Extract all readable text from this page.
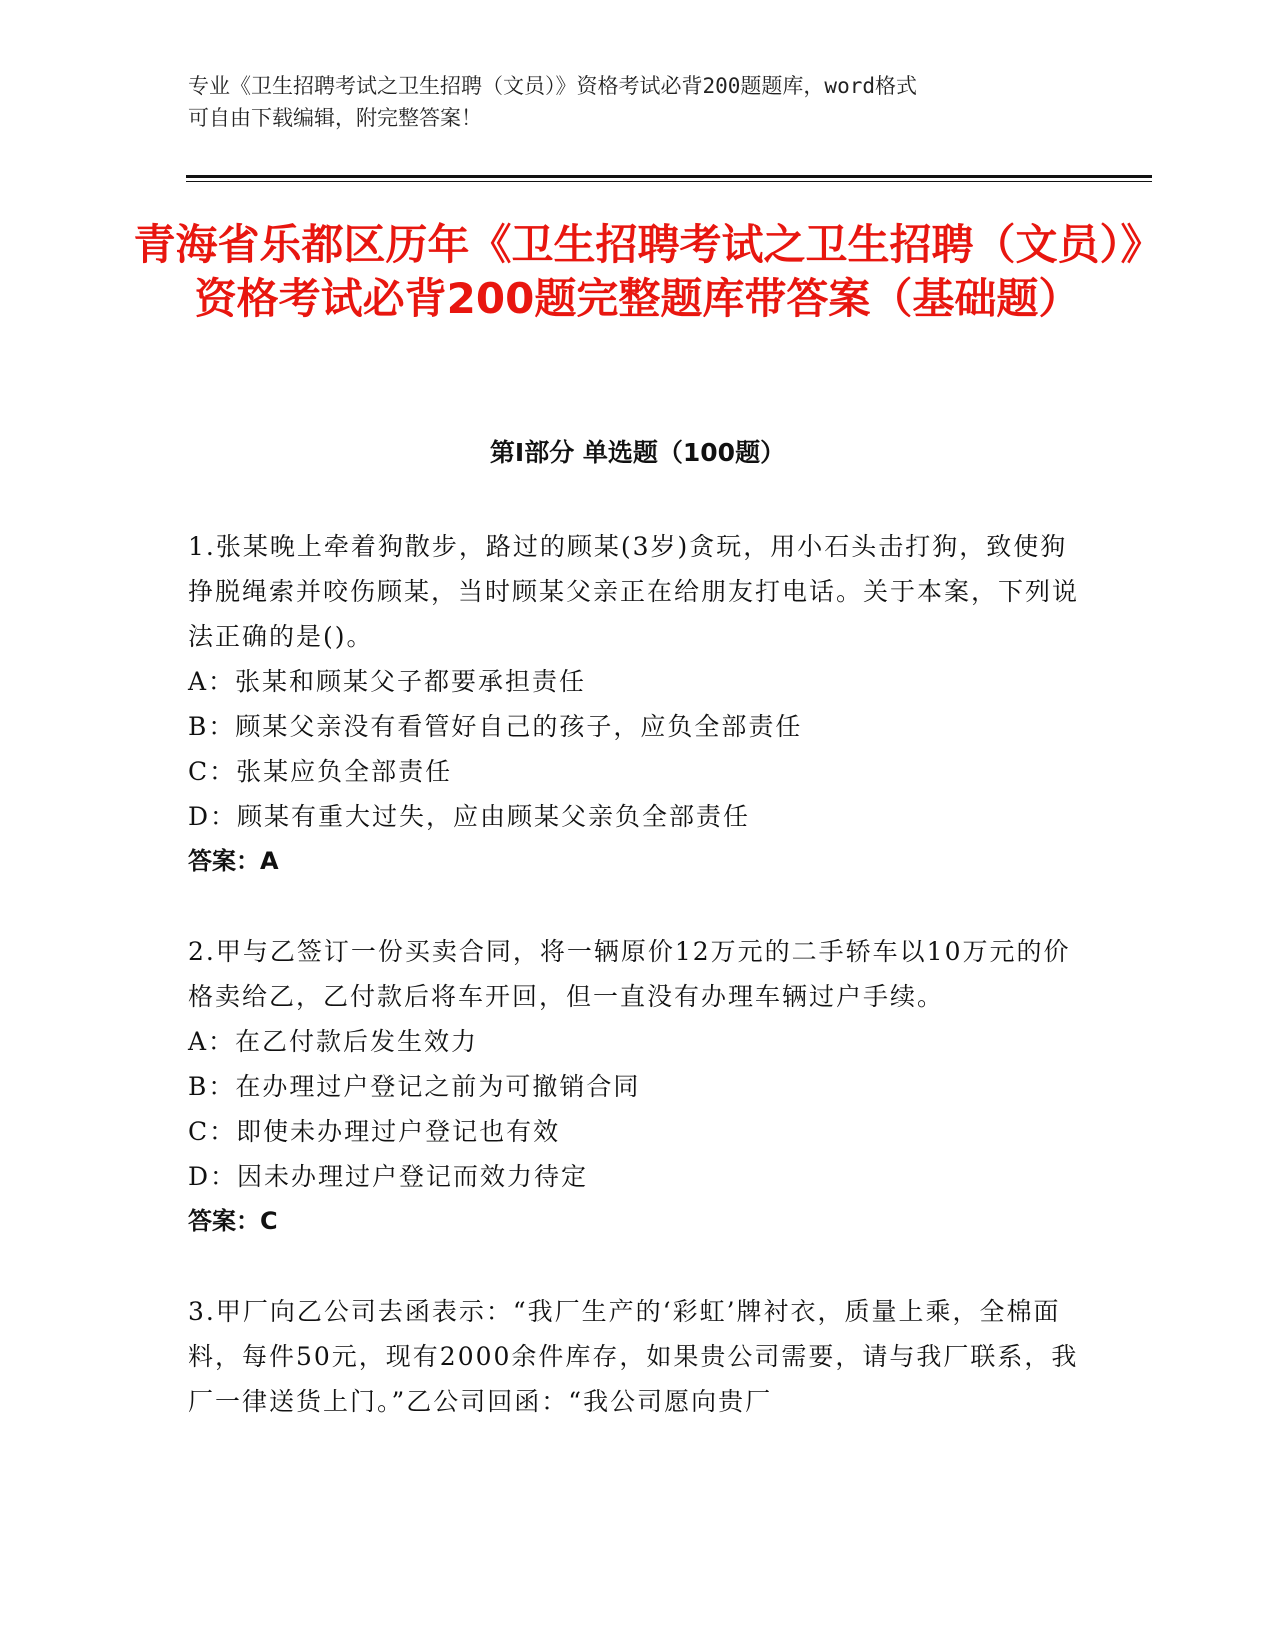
专业《卫生招聘考试之卫生招聘（文员）》资格考试必背200题题库，word格式
可自由下载编辑，附完整答案！
青海省乐都区历年《卫生招聘考试之卫生招聘（文员）》资格考试必背200题完整题库带答案（基础题）
第Ⅰ部分 单选题（100题）

1.张某晚上牵着狗散步，路过的顾某(3岁)贪玩，用小石头击打狗，致使狗挣脱绳索并咬伤顾某，当时顾某父亲正在给朋友打电话。关于本案，下列说法正确的是()。

A：张某和顾某父子都要承担责任

B：顾某父亲没有看管好自己的孩子，应负全部责任

C：张某应负全部责任

D：顾某有重大过失，应由顾某父亲负全部责任

答案：A

2.甲与乙签订一份买卖合同，将一辆原价12万元的二手轿车以10万元的价格卖给乙，乙付款后将车开回，但一直没有办理车辆过户手续。

A：在乙付款后发生效力

B：在办理过户登记之前为可撤销合同

C：即使未办理过户登记也有效

D：因未办理过户登记而效力待定

答案：C

3.甲厂向乙公司去函表示：“我厂生产的‘彩虹’牌衬衣，质量上乘，全棉面料，每件50元，现有2000余件库存，如果贵公司需要，请与我厂联系，我厂一律送货上门。”乙公司回函：“我公司愿向贵厂
